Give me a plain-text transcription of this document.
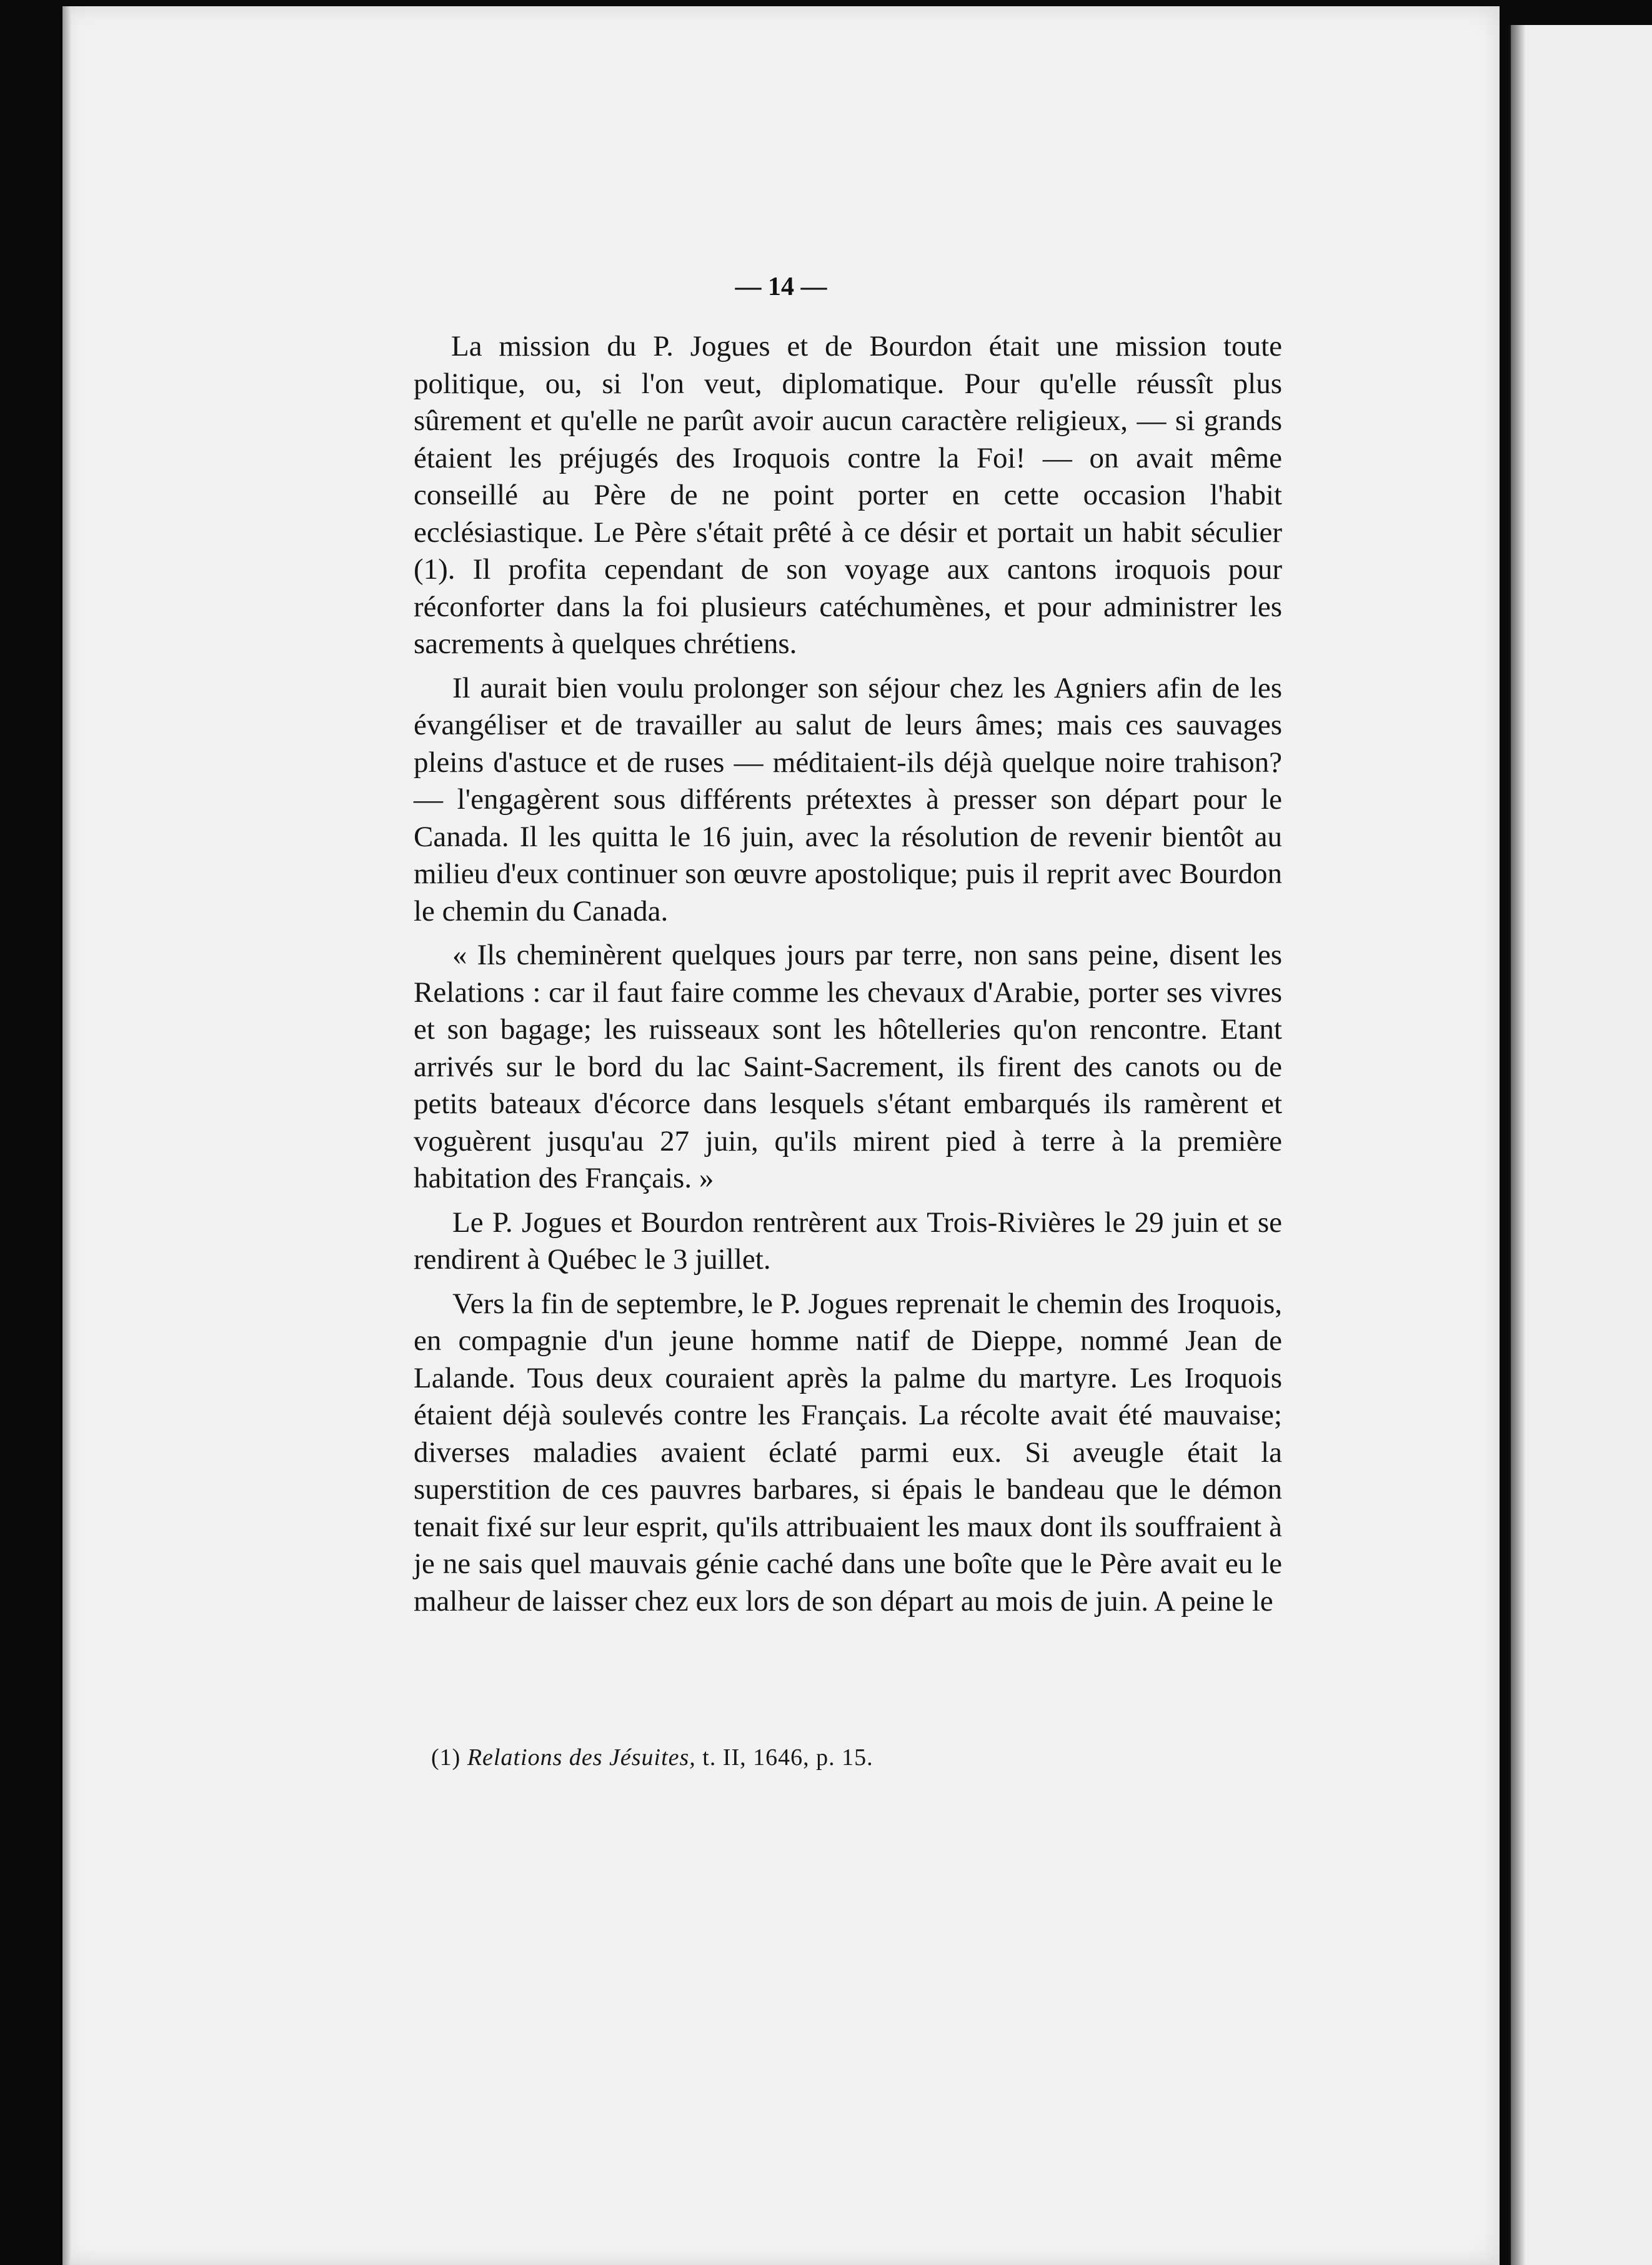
— 14 —

La mission du P. Jogues et de Bourdon était une mission toute politique, ou, si l'on veut, diplomatique. Pour qu'elle réussît plus sûrement et qu'elle ne parût avoir aucun caractère religieux, — si grands étaient les préjugés des Iroquois contre la Foi! — on avait même conseillé au Père de ne point porter en cette occasion l'habit ecclésiastique. Le Père s'était prêté à ce désir et portait un habit séculier (1). Il profita cependant de son voyage aux cantons iroquois pour réconforter dans la foi plusieurs catéchumènes, et pour administrer les sacrements à quelques chrétiens.

Il aurait bien voulu prolonger son séjour chez les Agniers afin de les évangéliser et de travailler au salut de leurs âmes; mais ces sauvages pleins d'astuce et de ruses — méditaient-ils déjà quelque noire trahison? — l'engagèrent sous différents prétextes à presser son départ pour le Canada. Il les quitta le 16 juin, avec la résolution de revenir bientôt au milieu d'eux continuer son œuvre apostolique; puis il reprit avec Bourdon le chemin du Canada.

« Ils cheminèrent quelques jours par terre, non sans peine, disent les Relations : car il faut faire comme les chevaux d'Arabie, porter ses vivres et son bagage; les ruisseaux sont les hôtelleries qu'on rencontre. Etant arrivés sur le bord du lac Saint-Sacrement, ils firent des canots ou de petits bateaux d'écorce dans lesquels s'étant embarqués ils ramèrent et voguèrent jusqu'au 27 juin, qu'ils mirent pied à terre à la première habitation des Français. »

Le P. Jogues et Bourdon rentrèrent aux Trois-Rivières le 29 juin et se rendirent à Québec le 3 juillet.

Vers la fin de septembre, le P. Jogues reprenait le chemin des Iroquois, en compagnie d'un jeune homme natif de Dieppe, nommé Jean de Lalande. Tous deux couraient après la palme du martyre. Les Iroquois étaient déjà soulevés contre les Français. La récolte avait été mauvaise; diverses maladies avaient éclaté parmi eux. Si aveugle était la superstition de ces pauvres barbares, si épais le bandeau que le démon tenait fixé sur leur esprit, qu'ils attribuaient les maux dont ils souffraient à je ne sais quel mauvais génie caché dans une boîte que le Père avait eu le malheur de laisser chez eux lors de son départ au mois de juin. A peine le

(1) Relations des Jésuites, t. II, 1646, p. 15.
